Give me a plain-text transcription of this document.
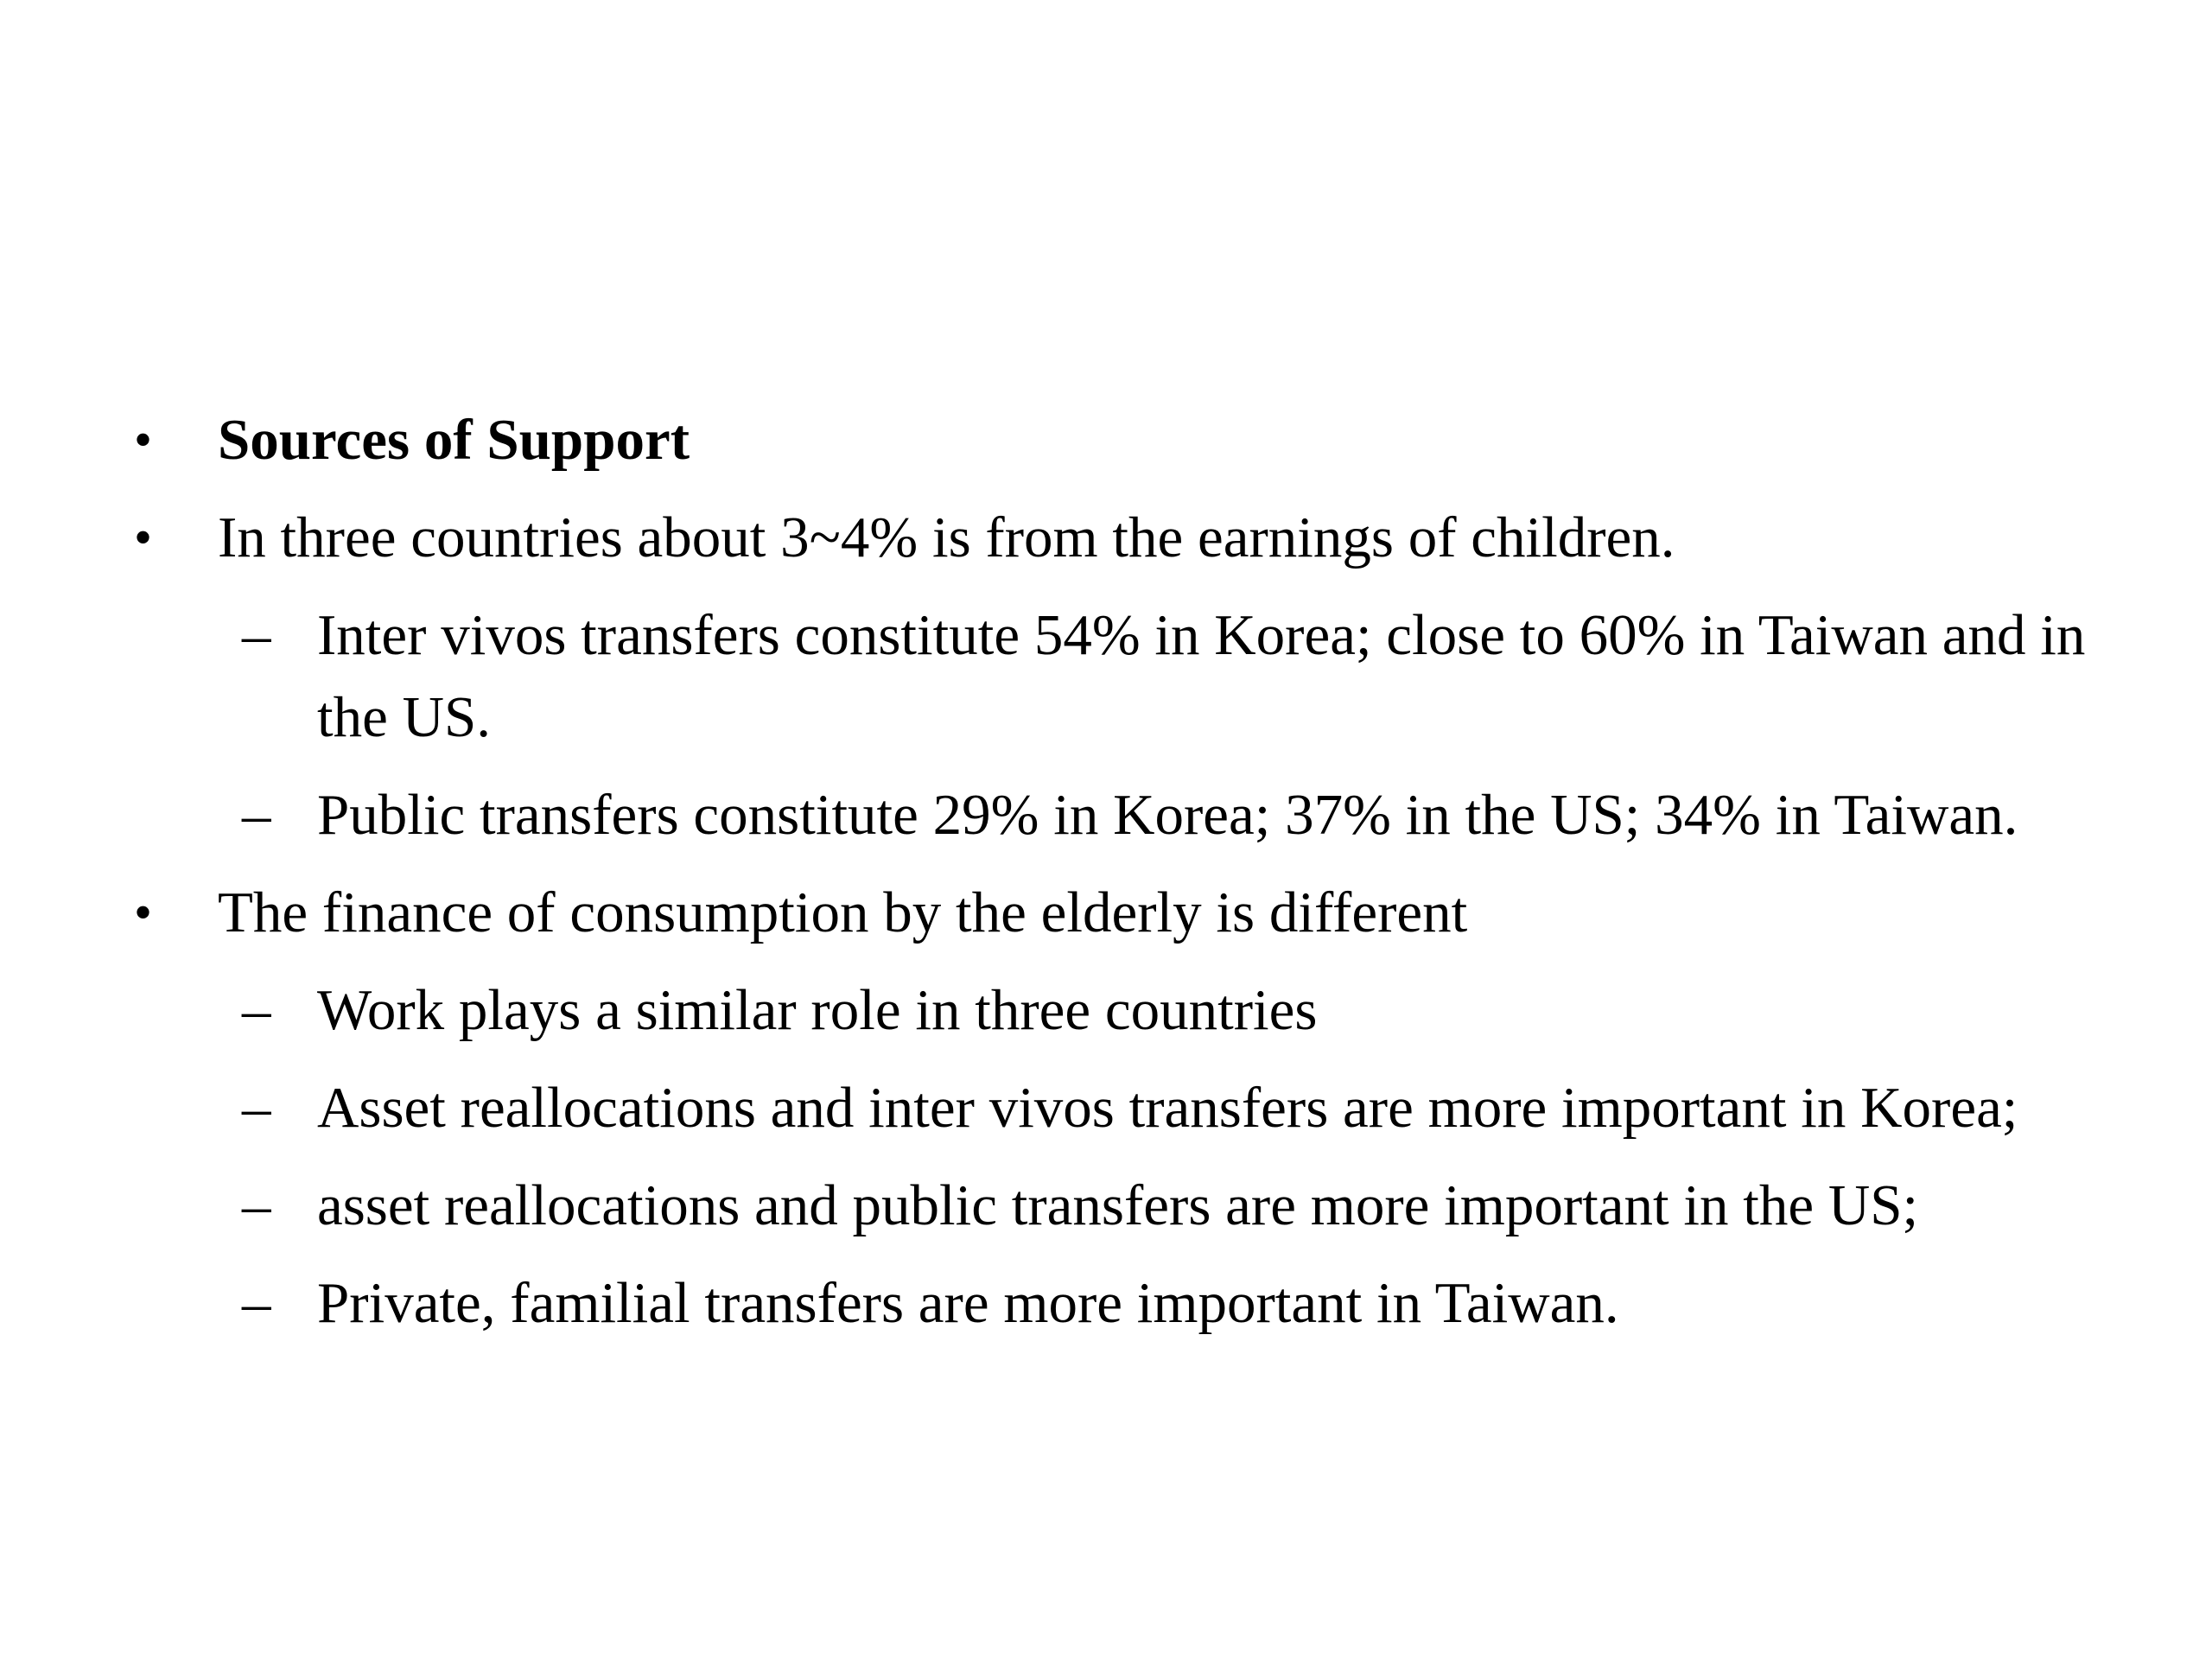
• Sources of Support
• In three countries about 3~4% is from the earnings of children.
– Inter vivos transfers constitute 54% in Korea; close to 60% in Taiwan and in the US.
– Public transfers constitute 29% in Korea; 37% in the US; 34% in Taiwan.
• The finance of consumption by the elderly is different
– Work plays a similar role in three countries
– Asset reallocations and inter vivos transfers are more important in Korea;
– asset reallocations and public transfers are more important in the US;
– Private, familial transfers are more important in Taiwan.
